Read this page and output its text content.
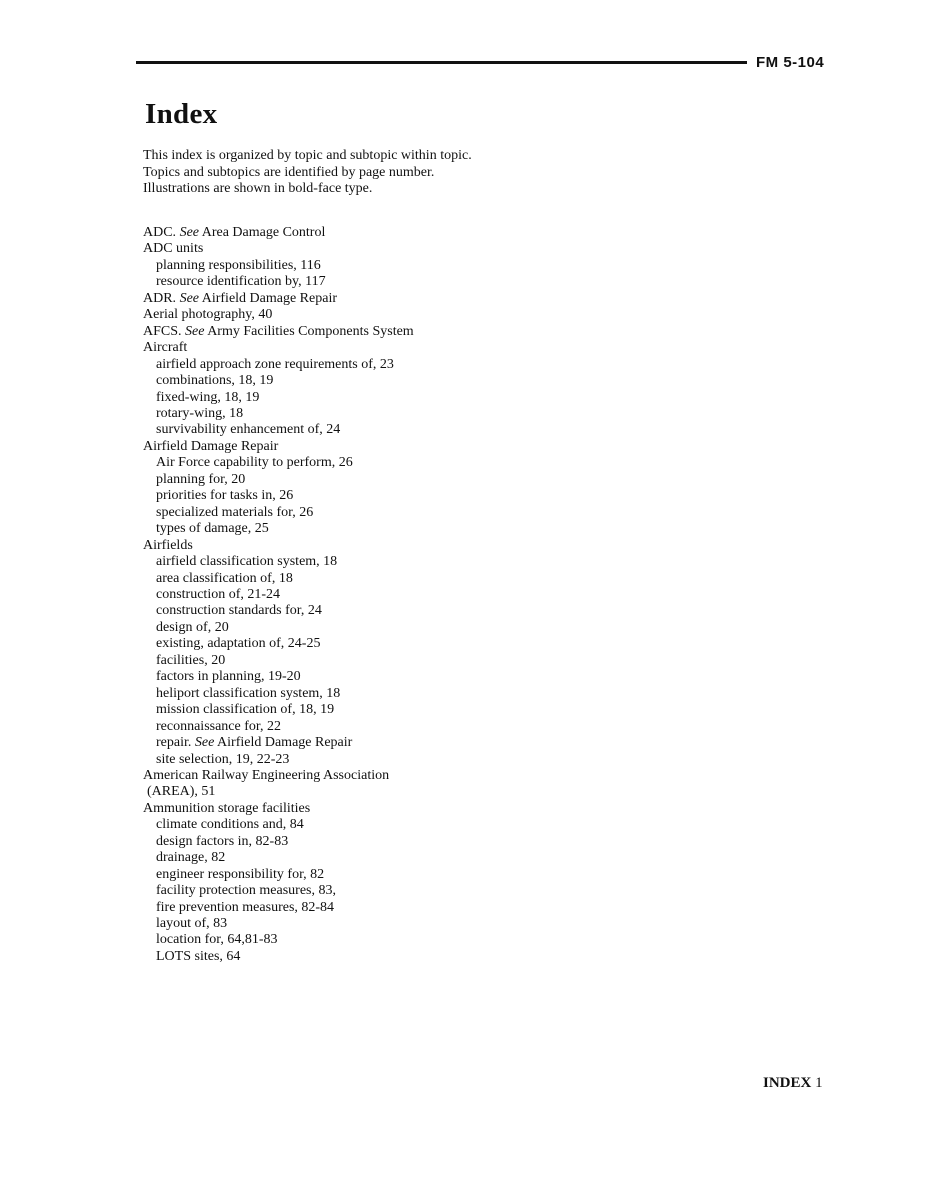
FM 5-104
Index

This index is organized by topic and subtopic within topic. Topics and subtopics are identified by page number. Illustrations are shown in bold-face type.

ADC. See Area Damage Control
ADC units
planning responsibilities, 116
resource identification by, 117
ADR. See Airfield Damage Repair
Aerial photography, 40
AFCS. See Army Facilities Components System
Aircraft
airfield approach zone requirements of, 23
combinations, 18, 19
fixed-wing, 18, 19
rotary-wing, 18
survivability enhancement of, 24
Airfield Damage Repair
Air Force capability to perform, 26
planning for, 20
priorities for tasks in, 26
specialized materials for, 26
types of damage, 25
Airfields
airfield classification system, 18
area classification of, 18
construction of, 21-24
construction standards for, 24
design of, 20
existing, adaptation of, 24-25
facilities, 20
factors in planning, 19-20
heliport classification system, 18
mission classification of, 18, 19
reconnaissance for, 22
repair. See Airfield Damage Repair
site selection, 19, 22-23
American Railway Engineering Association
(AREA), 51
Ammunition storage facilities
climate conditions and, 84
design factors in, 82-83
drainage, 82
engineer responsibility for, 82
facility protection measures, 83,
fire prevention measures, 82-84
layout of, 83
location for, 64,81-83
LOTS sites, 64
INDEX 1
